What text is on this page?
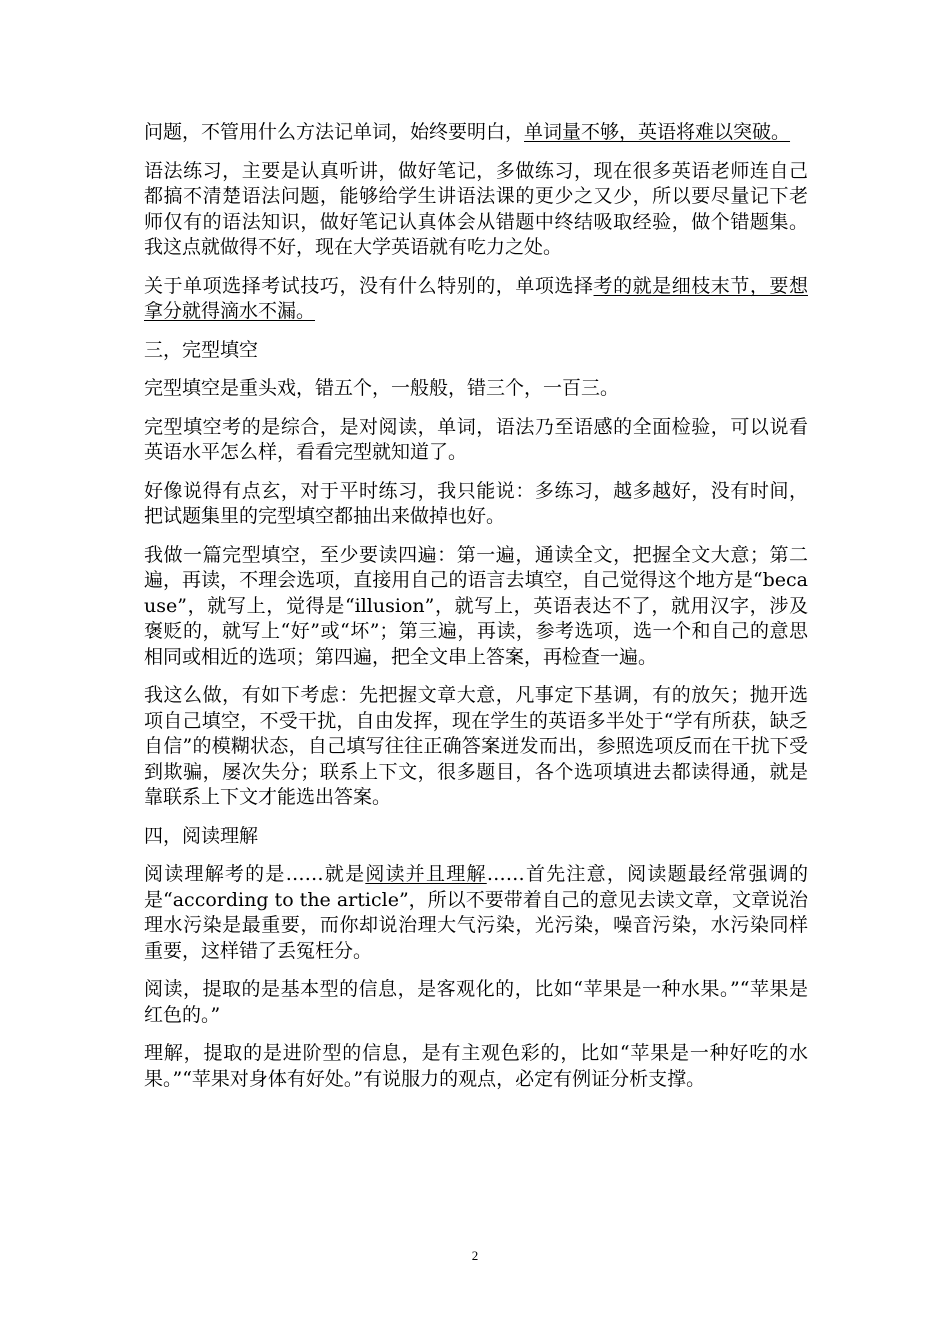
问题，不管用什么方法记单词，始终要明白，单词量不够，英语将难以突破。

语法练习，主要是认真听讲，做好笔记，多做练习，现在很多英语老师连自己都搞不清楚语法问题，能够给学生讲语法课的更少之又少，所以要尽量记下老师仅有的语法知识，做好笔记认真体会从错题中终结吸取经验，做个错题集。我这点就做得不好，现在大学英语就有吃力之处。

关于单项选择考试技巧，没有什么特别的，单项选择考的就是细枝末节，要想拿分就得滴水不漏。

三，完型填空

完型填空是重头戏，错五个，一般般，错三个，一百三。

完型填空考的是综合，是对阅读，单词，语法乃至语感的全面检验，可以说看英语水平怎么样，看看完型就知道了。

好像说得有点玄，对于平时练习，我只能说：多练习，越多越好，没有时间，把试题集里的完型填空都抽出来做掉也好。

我做一篇完型填空，至少要读四遍：第一遍，通读全文，把握全文大意；第二遍，再读，不理会选项，直接用自己的语言去填空，自己觉得这个地方是“because”，就写上，觉得是“illusion”，就写上，英语表达不了，就用汉字，涉及褒贬的，就写上“好”或“坏”；第三遍，再读，参考选项，选一个和自己的意思相同或相近的选项；第四遍，把全文串上答案，再检查一遍。

我这么做，有如下考虑：先把握文章大意，凡事定下基调，有的放矢；抛开选项自己填空，不受干扰，自由发挥，现在学生的英语多半处于“学有所获，缺乏自信”的模糊状态，自己填写往往正确答案迸发而出，参照选项反而在干扰下受到欺骗，屡次失分；联系上下文，很多题目，各个选项填进去都读得通，就是靠联系上下文才能选出答案。

四，阅读理解

阅读理解考的是……就是阅读并且理解……首先注意，阅读题最经常强调的是“according to the article”，所以不要带着自己的意见去读文章，文章说治理水污染是最重要，而你却说治理大气污染，光污染，噪音污染，水污染同样重要，这样错了丢冤枉分。

阅读，提取的是基本型的信息，是客观化的，比如“苹果是一种水果。”“苹果是红色的。”

理解，提取的是进阶型的信息，是有主观色彩的，比如“苹果是一种好吃的水果。”“苹果对身体有好处。”有说服力的观点，必定有例证分析支撑。

2
